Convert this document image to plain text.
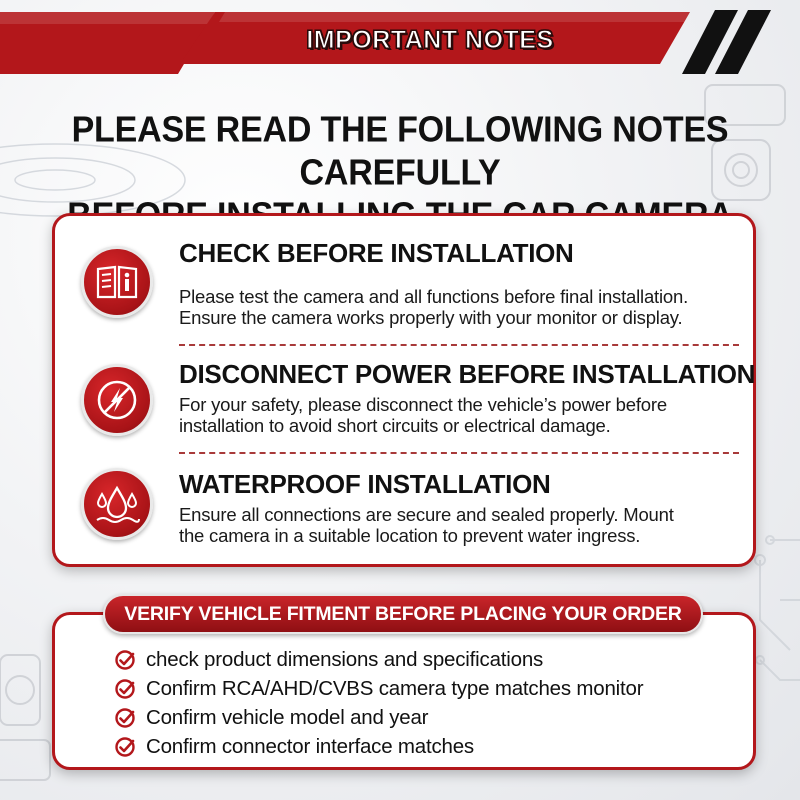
IMPORTANT NOTES
PLEASE READ THE FOLLOWING NOTES CAREFULLY
CHECK BEFORE INSTALLATION
Please test the camera and all functions before final installation.
Ensure the camera works properly with your monitor or display.
DISCONNECT POWER BEFORE INSTALLATION
For your safety, please disconnect the vehicle’s power before
installation to avoid short circuits or electrical damage.
WATERPROOF INSTALLATION
Ensure all connections are secure and sealed properly. Mount
the camera in a suitable location to prevent water ingress.
VERIFY VEHICLE FITMENT BEFORE PLACING YOUR ORDER
check product dimensions and specifications
Confirm RCA/AHD/CVBS camera type matches monitor
Confirm vehicle model and year
Confirm connector interface matches
